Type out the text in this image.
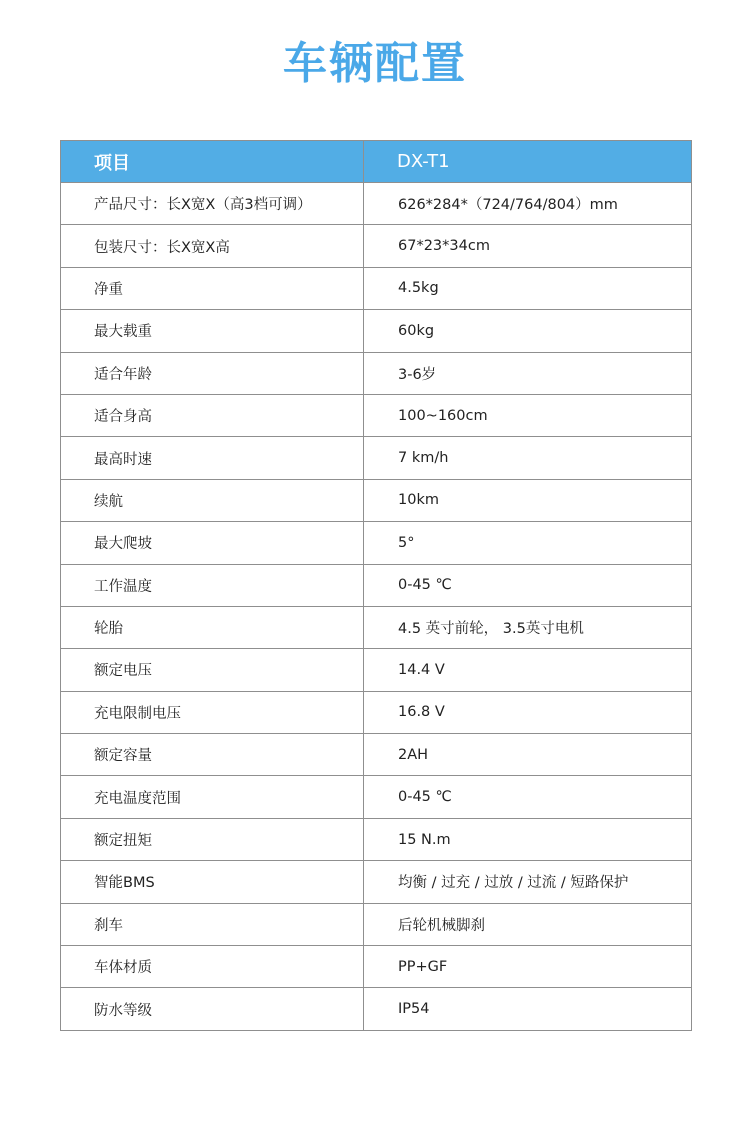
车辆配置
项目	DX-T1
产品尺寸：长X宽X（高3档可调）	626*284*（724/764/804）mm
包装尺寸：长X宽X高	67*23*34cm
净重	4.5kg
最大载重	60kg
适合年龄	3-6岁
适合身高	100~160cm
最高时速	7 km/h
续航	10km
最大爬坡	5°
工作温度	0-45 ℃
轮胎	4.5 英寸前轮， 3.5英寸电机
额定电压	14.4 V
充电限制电压	16.8 V
额定容量	2AH
充电温度范围	0-45 ℃
额定扭矩	15 N.m
智能BMS	均衡 / 过充 / 过放 / 过流 / 短路保护
刹车	后轮机械脚刹
车体材质	PP+GF
防水等级	IP54
